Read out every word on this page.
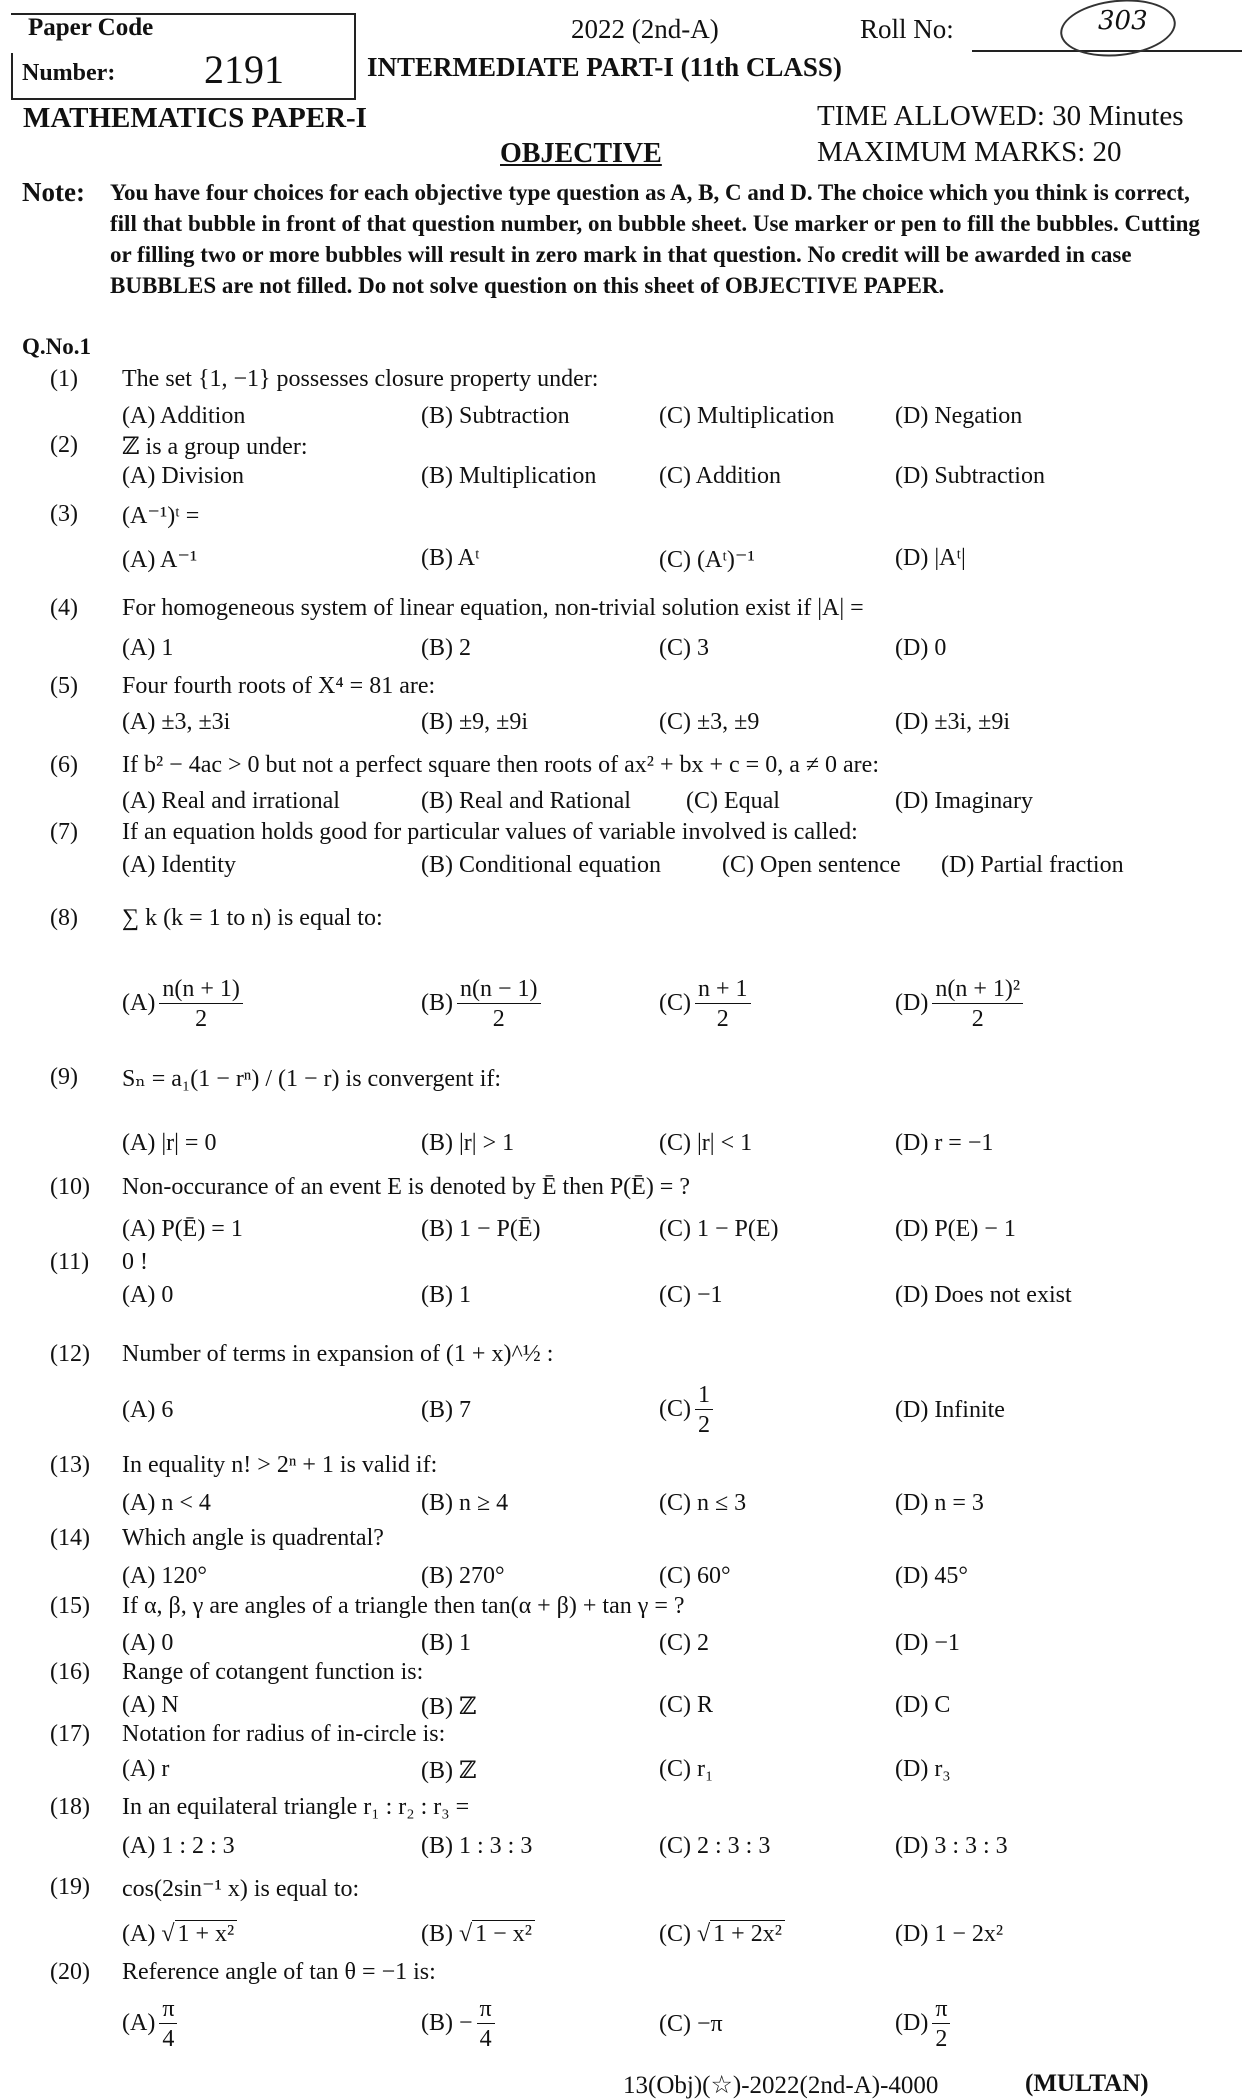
Paper Code
Number: 2191
2022 (2nd-A)	Roll No:	303
INTERMEDIATE PART-I (11th CLASS)
MATHEMATICS PAPER-I	TIME ALLOWED: 30 Minutes
OBJECTIVE	MAXIMUM MARKS: 20
Note: You have four choices for each objective type question as A, B, C and D. The choice which you think is correct, fill that bubble in front of that question number, on bubble sheet. Use marker or pen to fill the bubbles. Cutting or filling two or more bubbles will result in zero mark in that question. No credit will be awarded in case BUBBLES are not filled. Do not solve question on this sheet of OBJECTIVE PAPER.
Q.No.1
(1) The set {1, −1} possesses closure property under:
(A) Addition	(B) Subtraction	(C) Multiplication	(D) Negation
(2) ℤ is a group under:
(A) Division	(B) Multiplication	(C) Addition	(D) Subtraction
(3) (A⁻¹)ᵗ =
(A) A⁻¹	(B) Aᵗ	(C) (Aᵗ)⁻¹	(D) |Aᵗ|
(4) For homogeneous system of linear equation, non-trivial solution exist if |A| =
(A) 1	(B) 2	(C) 3	(D) 0
(5) Four fourth roots of X⁴ = 81 are:
(A) ±3, ±3i	(B) ±9, ±9i	(C) ±3, ±9	(D) ±3i, ±9i
(6) If b² − 4ac > 0 but not a perfect square then roots of ax² + bx + c = 0, a ≠ 0 are:
(A) Real and irrational	(B) Real and Rational (C) Equal	(D) Imaginary
(7) If an equation holds good for particular values of variable involved is called:
(A) Identity	(B) Conditional equation	(C) Open sentence (D) Partial fraction
(8) ∑ k (k = 1 to n) is equal to:
$(A) \frac{n(n + 1)}{2}$	$(B) \frac{n(n - 1)}{2}$	$(C) \frac{n + 1}{2}$	$(D) \frac{\text{n(n + 1)²}}{2}$
(9) Sₙ = a₁(1 − rⁿ) / (1 − r) is convergent if:
(A) |r| = 0	(B) |r| > 1	(C) |r| < 1	(D) r = −1
(10) Non-occurance of an event E is denoted by Ē then P(Ē) = ?
(A) P(Ē) = 1	(B) 1 − P(Ē)	(C) 1 − P(E)	(D) P(E) − 1
(11) 0 !
(A) 0	(B) 1	(C) −1	(D) Does not exist
(12) Number of terms in expansion of (1 + x)^½ :
(A) 6	(B) 7	$(C) \frac{1}{2}$	(D) Infinite
(13) In equality n! > 2ⁿ + 1 is valid if:
(A) n < 4	(B) n ≥ 4	(C) n ≤ 3	(D) n = 3
(14) Which angle is quadrental?
(A) 120°	(B) 270°	(C) 60°	(D) 45°
(15) If α, β, γ are angles of a triangle then tan(α + β) + tan γ = ?
(A) 0	(B) 1	(C) 2	(D) −1
(16) Range of cotangent function is:
(A) N	(B) ℤ	(C) R	(D) C
(17) Notation for radius of in-circle is:
(A) r	(B) ℤ	(C) r₁	(D) r₃
(18) In an equilateral triangle r₁ : r₂ : r₃ =
(A) 1 : 2 : 3	(B) 1 : 3 : 3	(C) 2 : 3 : 3	(D) 3 : 3 : 3
(19) cos(2sin⁻¹ x) is equal to:
(A) √ 1 + x²	(B) √ 1 − x²	(C) √ 1 + 2x²	(D) 1 − 2x²
(20) Reference angle of tan θ = −1 is:
$(A) \frac{\pi}{4}$	$(B) - \frac{\pi}{4}$	(C) −π	$(D) \frac{\pi}{2}$
13(Obj)(☆)-2022(2nd-A)-4000	(MULTAN)
